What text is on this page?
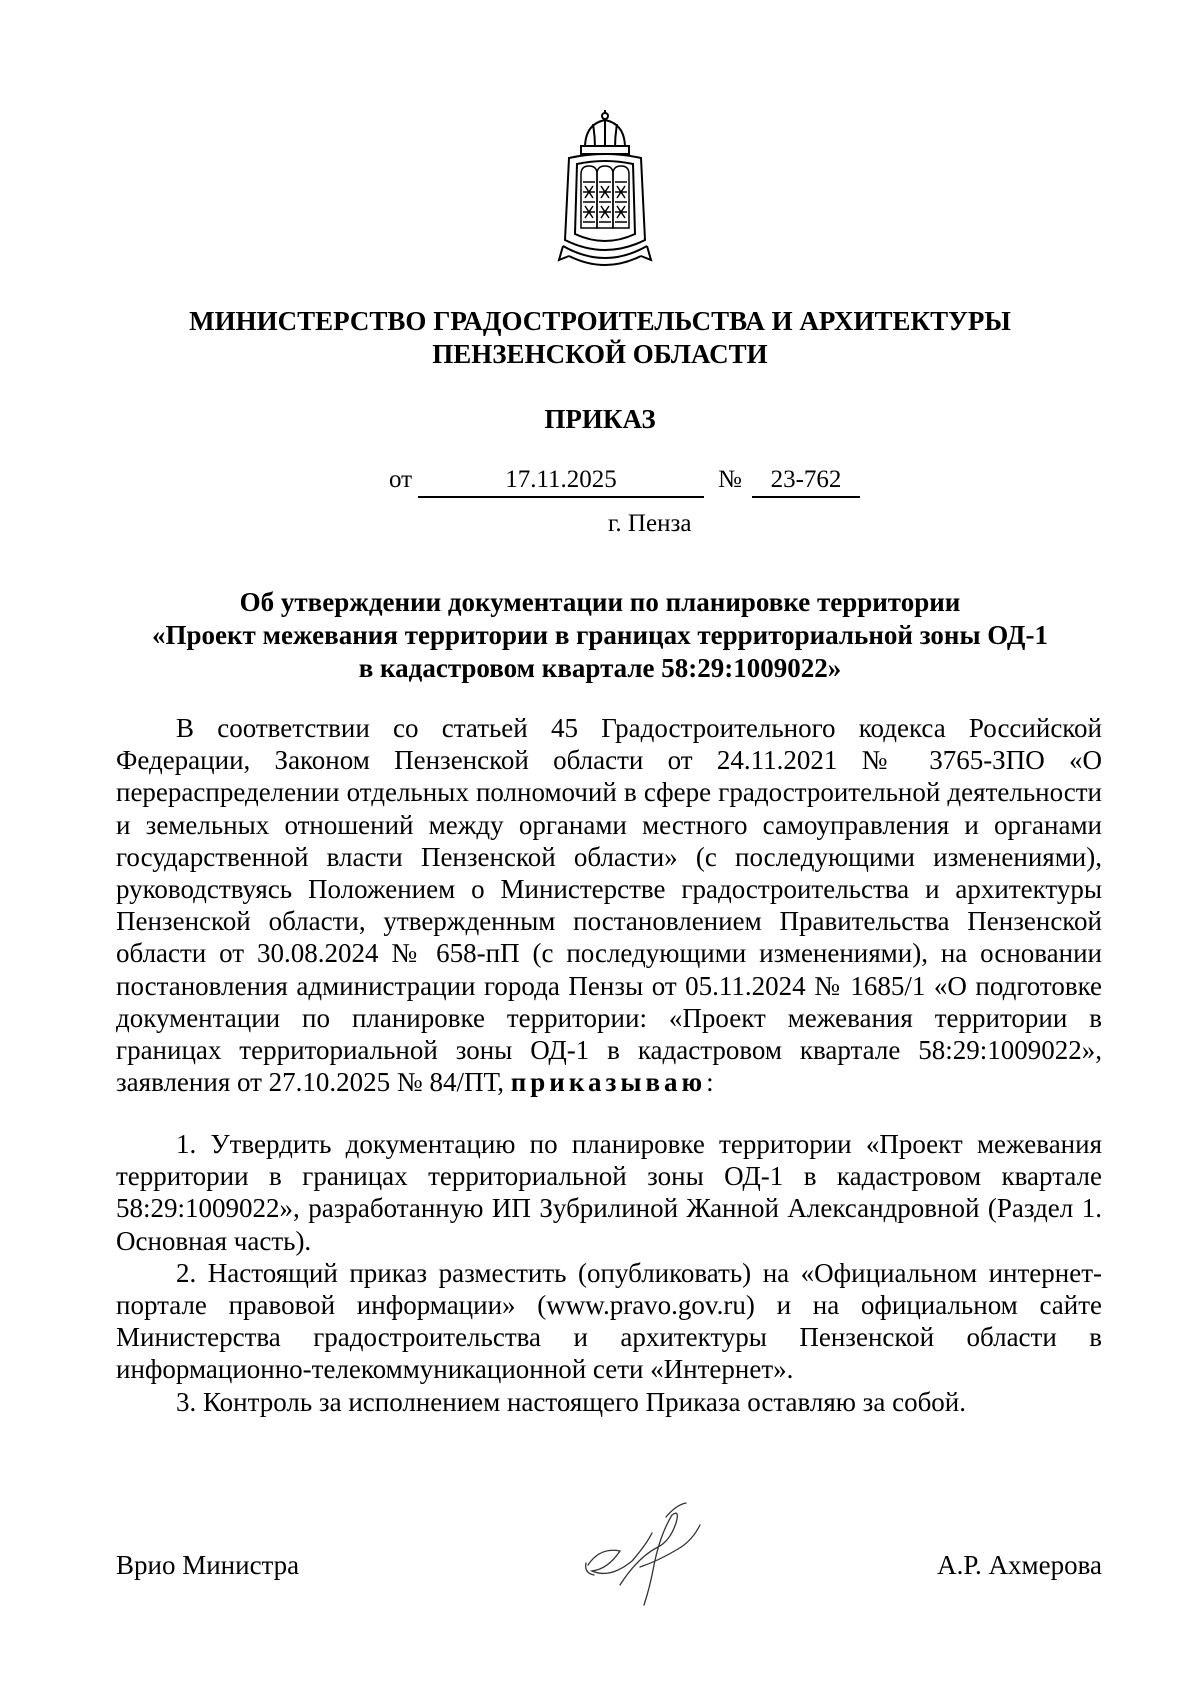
МИНИСТЕРСТВО ГРАДОСТРОИТЕЛЬСТВА И АРХИТЕКТУРЫ
ПЕНЗЕНСКОЙ ОБЛАСТИ
ПРИКАЗ
от	17.11.2025	№	23-762
г. Пенза
Об утверждении документации по планировке территории
«Проект межевания территории в границах территориальной зоны ОД-1
в кадастровом квартале 58:29:1009022»

В соответствии со статьей 45 Градостроительного кодекса Российской Федерации, Законом Пензенской области от 24.11.2021 № 3765-ЗПО «О перераспределении отдельных полномочий в сфере градостроительной деятельности и земельных отношений между органами местного самоуправления и органами государственной власти Пензенской области» (с последующими изменениями), руководствуясь Положением о Министерстве градостроительства и архитектуры Пензенской области, утвержденным постановлением Правительства Пензенской области от 30.08.2024 № 658-пП (с последующими изменениями), на основании постановления администрации города Пензы от 05.11.2024 № 1685/1 «О подготовке документации по планировке территории: «Проект межевания территории в границах территориальной зоны ОД-1 в кадастровом квартале 58:29:1009022», заявления от 27.10.2025 № 84/ПТ, приказываю:

1. Утвердить документацию по планировке территории «Проект межевания территории в границах территориальной зоны ОД-1 в кадастровом квартале 58:29:1009022», разработанную ИП Зубрилиной Жанной Александровной (Раздел 1. Основная часть).

2. Настоящий приказ разместить (опубликовать) на «Официальном интернет-портале правовой информации» (www.pravo.gov.ru) и на официальном сайте Министерства градостроительства и архитектуры Пензенской области в информационно-телекоммуникационной сети «Интернет».

3. Контроль за исполнением настоящего Приказа оставляю за собой.

Врио Министра	А.Р. Ахмерова
